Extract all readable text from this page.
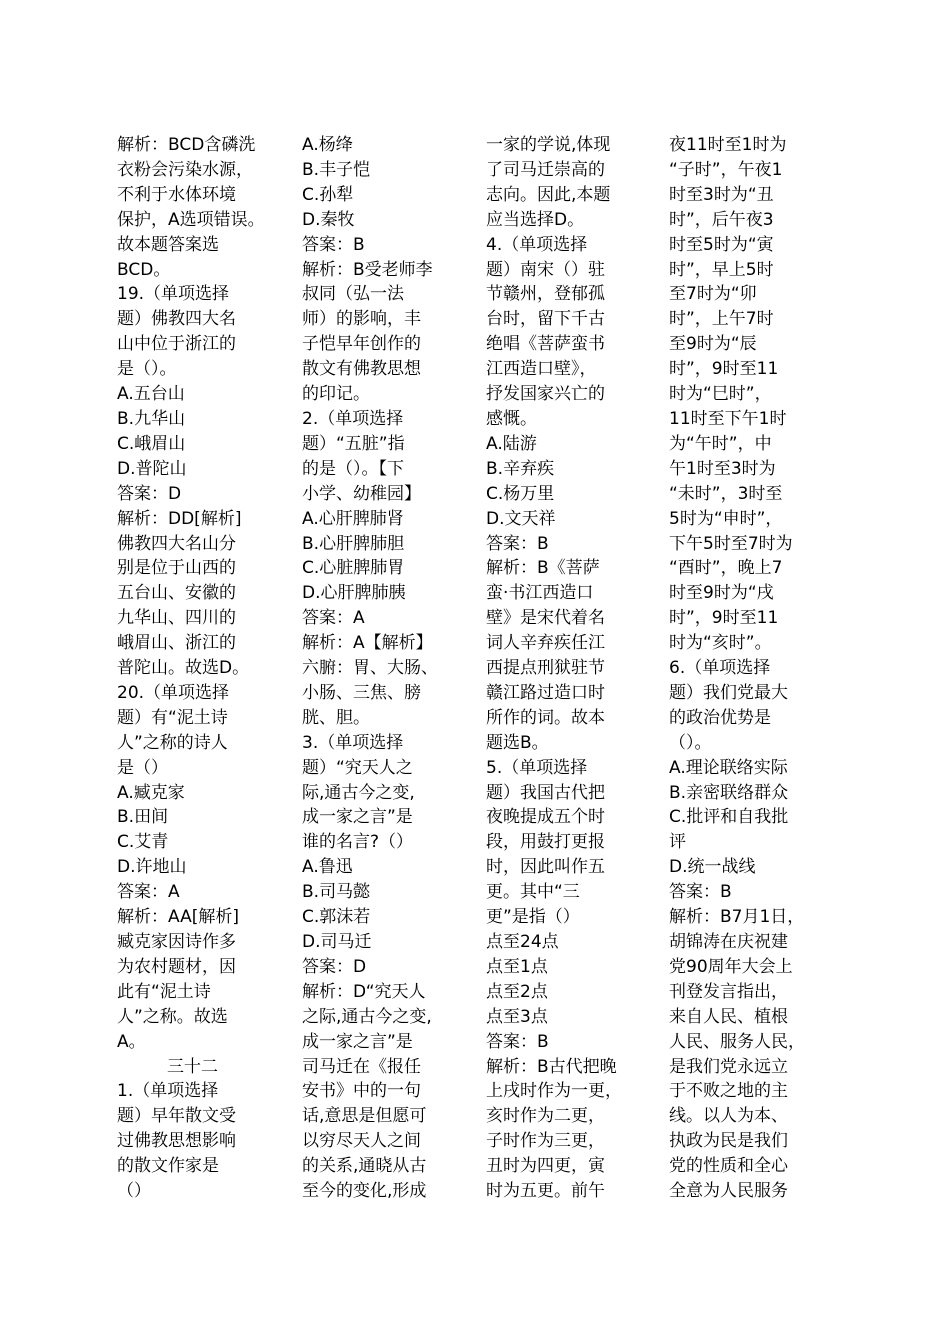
解析：BCD含磷洗
衣粉会污染水源，
不利于水体环境
保护，A选项错误。
故本题答案选
BCD。
19.（单项选择
题）佛教四大名
山中位于浙江的
是（）。
A.五台山
B.九华山
C.峨眉山
D.普陀山
答案：D
解析：DD[解析]
佛教四大名山分
别是位于山西的
五台山、安徽的
九华山、四川的
峨眉山、浙江的
普陀山。故选D。
20.（单项选择
题）有“泥土诗
人”之称的诗人
是（）
A.臧克家
B.田间
C.艾青
D.许地山
答案：A
解析：AA[解析]
臧克家因诗作多
为农村题材，因
此有“泥土诗
人”之称。故选
A。
三十二
1.（单项选择
题）早年散文受
过佛教思想影响
的散文作家是
（）
A.杨绛
B.丰子恺
C.孙犁
D.秦牧
答案：B
解析：B受老师李
叔同（弘一法
师）的影响，丰
子恺早年创作的
散文有佛教思想
的印记。
2.（单项选择
题）“五脏”指
的是（）。【下
小学、幼稚园】
A.心肝脾肺肾
B.心肝脾肺胆
C.心脏脾肺胃
D.心肝脾肺胰
答案：A
解析：A【解析】
六腑：胃、大肠、
小肠、三焦、膀
胱、胆。
3.（单项选择
题）“究天人之
际,通古今之变,
成一家之言”是
谁的名言?（）
A.鲁迅
B.司马懿
C.郭沫若
D.司马迁
答案：D
解析：D“究天人
之际,通古今之变,
成一家之言”是
司马迁在《报任
安书》中的一句
话,意思是但愿可
以穷尽天人之间
的关系,通晓从古
至今的变化,形成
一家的学说,体现
了司马迁崇高的
志向。因此,本题
应当选择D。
4.（单项选择
题）南宋（）驻
节赣州，登郁孤
台时，留下千古
绝唱《菩萨蛮书
江西造口壁》，
抒发国家兴亡的
感慨。
A.陆游
B.辛弃疾
C.杨万里
D.文天祥
答案：B
解析：B《菩萨
蛮·书江西造口
壁》是宋代着名
词人辛弃疾任江
西提点刑狱驻节
赣江路过造口时
所作的词。故本
题选B。
5.（单项选择
题）我国古代把
夜晚提成五个时
段，用鼓打更报
时，因此叫作五
更。其中“三
更”是指（）
点至24点
点至1点
点至2点
点至3点
答案：B
解析：B古代把晚
上戌时作为一更，
亥时作为二更，
子时作为三更，
丑时为四更，寅
时为五更。前午
夜11时至1时为
“子时”，午夜1
时至3时为“丑
时”，后午夜3
时至5时为“寅
时”，早上5时
至7时为“卯
时”，上午7时
至9时为“辰
时”，9时至11
时为“巳时”，
11时至下午1时
为“午时”，中
午1时至3时为
“未时”，3时至
5时为“申时”，
下午5时至7时为
“酉时”，晚上7
时至9时为“戌
时”，9时至11
时为“亥时”。
6.（单项选择
题）我们党最大
的政治优势是
（）。
A.理论联络实际
B.亲密联络群众
C.批评和自我批
评
D.统一战线
答案：B
解析：B7月1日，
胡锦涛在庆祝建
党90周年大会上
刊登发言指出，
来自人民、植根
人民、服务人民，
是我们党永远立
于不败之地的主
线。以人为本、
执政为民是我们
党的性质和全心
全意为人民服务
